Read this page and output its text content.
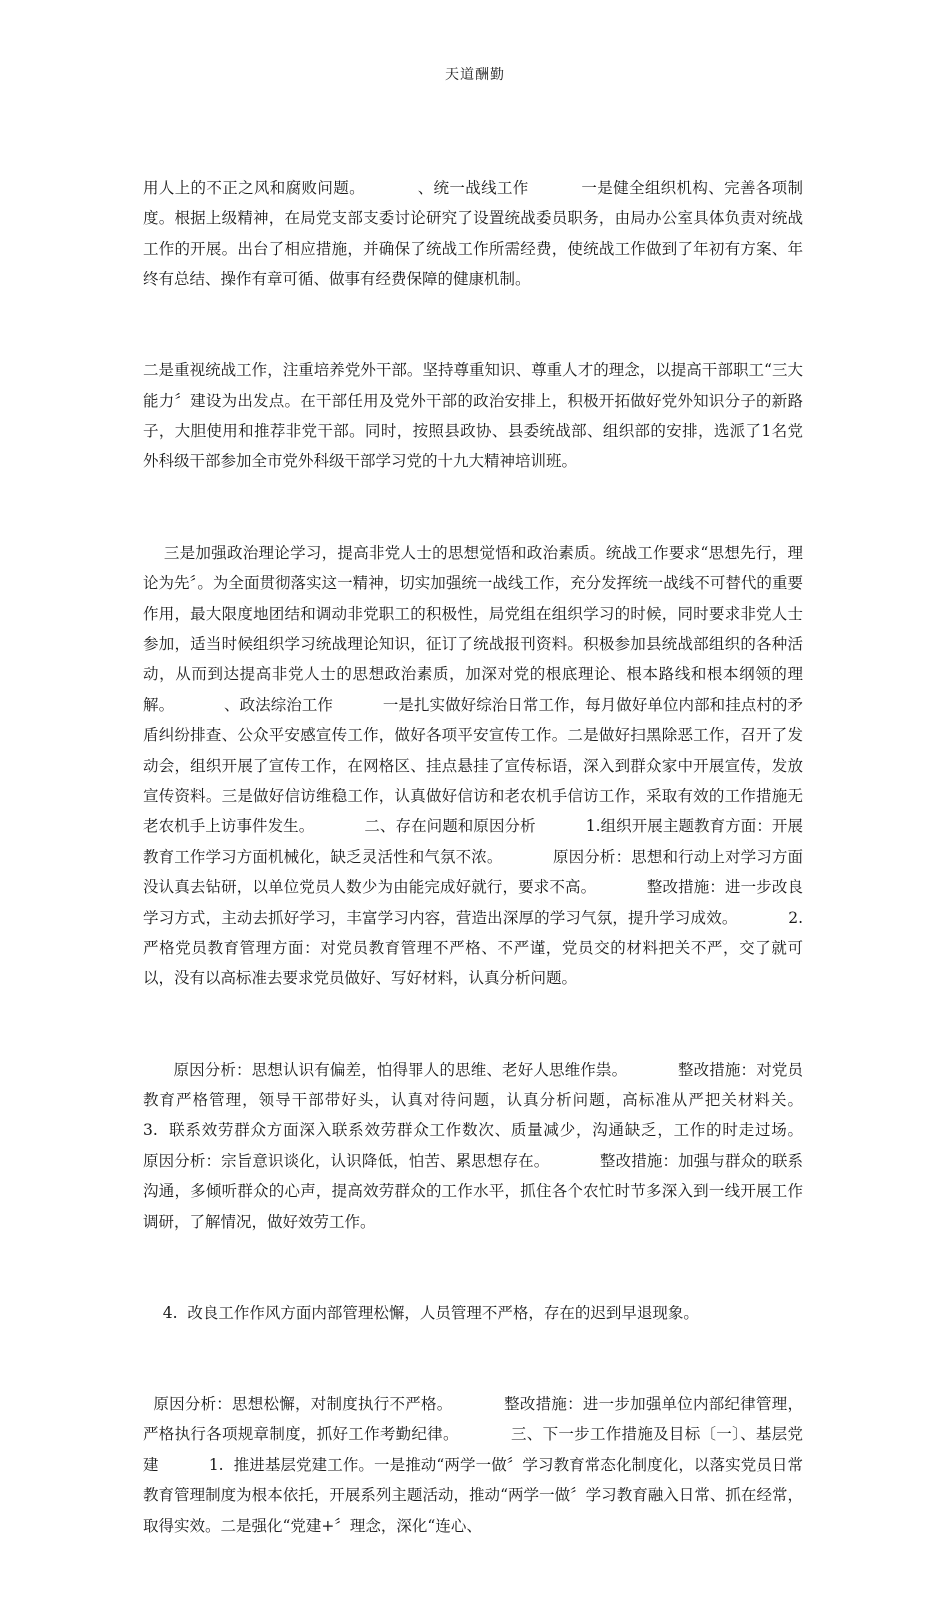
天道酬勤

用人上的不正之风和腐败问题。          、统一战线工作          一是健全组织机构、完善各项制度。根据上级精神，在局党支部支委讨论研究了设置统战委员职务，由局办公室具体负责对统战工作的开展。出台了相应措施，并确保了统战工作所需经费，使统战工作做到了年初有方案、年终有总结、操作有章可循、做事有经费保障的健康机制。

二是重视统战工作，注重培养党外干部。坚持尊重知识、尊重人才的理念，以提高干部职工“三大能力〞建设为出发点。在干部任用及党外干部的政治安排上，积极开拓做好党外知识分子的新路子，大胆使用和推荐非党干部。同时，按照县政协、县委统战部、组织部的安排，选派了1名党外科级干部参加全市党外科级干部学习党的十九大精神培训班。

三是加强政治理论学习，提高非党人士的思想觉悟和政治素质。统战工作要求“思想先行，理论为先〞。为全面贯彻落实这一精神，切实加强统一战线工作，充分发挥统一战线不可替代的重要作用，最大限度地团结和调动非党职工的积极性，局党组在组织学习的时候，同时要求非党人士参加，适当时候组织学习统战理论知识，征订了统战报刊资料。积极参加县统战部组织的各种活动，从而到达提高非党人士的思想政治素质，加深对党的根底理论、根本路线和根本纲领的理解。          、政法综治工作          一是扎实做好综治日常工作，每月做好单位内部和挂点村的矛盾纠纷排查、公众平安感宣传工作，做好各项平安宣传工作。二是做好扫黑除恶工作，召开了发动会，组织开展了宣传工作，在网格区、挂点悬挂了宣传标语，深入到群众家中开展宣传，发放宣传资料。三是做好信访维稳工作，认真做好信访和老农机手信访工作，采取有效的工作措施无老农机手上访事件发生。          二、存在问题和原因分析          1.组织开展主题教育方面：开展教育工作学习方面机械化，缺乏灵活性和气氛不浓。          原因分析：思想和行动上对学习方面没认真去钻研，以单位党员人数少为由能完成好就行，要求不高。          整改措施：进一步改良学习方式，主动去抓好学习，丰富学习内容，营造出深厚的学习气氛，提升学习成效。          2.  严格党员教育管理方面：对党员教育管理不严格、不严谨，党员交的材料把关不严，交了就可以，没有以高标准去要求党员做好、写好材料，认真分析问题。

原因分析：思想认识有偏差，怕得罪人的思维、老好人思维作祟。          整改措施：对党员教育严格管理，领导干部带好头，认真对待问题，认真分析问题，高标准从严把关材料关。          3.  联系效劳群众方面深入联系效劳群众工作数次、质量减少，沟通缺乏，工作的时走过场。          原因分析：宗旨意识谈化，认识降低，怕苦、累思想存在。          整改措施：加强与群众的联系沟通，多倾听群众的心声，提高效劳群众的工作水平，抓住各个农忙时节多深入到一线开展工作调研，了解情况，做好效劳工作。

4.  改良工作作风方面内部管理松懈，人员管理不严格，存在的迟到早退现象。

原因分析：思想松懈，对制度执行不严格。          整改措施：进一步加强单位内部纪律管理，严格执行各项规章制度，抓好工作考勤纪律。          三、下一步工作措施及目标〔一〕、基层党建          1.  推进基层党建工作。一是推动“两学一做〞学习教育常态化制度化，以落实党员日常教育管理制度为根本依托，开展系列主题活动，推动“两学一做〞学习教育融入日常、抓在经常，取得实效。二是强化“党建+〞理念，深化“连心、
